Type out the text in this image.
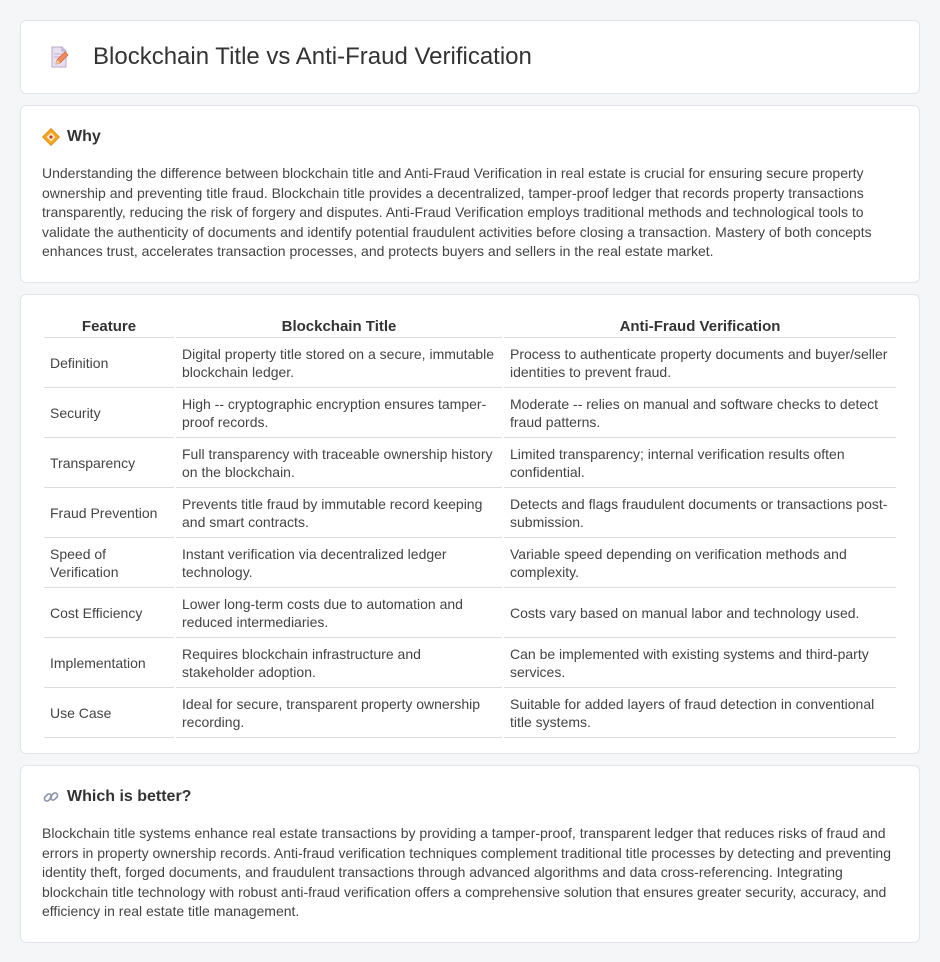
Blockchain Title vs Anti-Fraud Verification
Why

Understanding the difference between blockchain title and Anti-Fraud Verification in real estate is crucial for ensuring secure property ownership and preventing title fraud. Blockchain title provides a decentralized, tamper-proof ledger that records property transactions transparently, reducing the risk of forgery and disputes. Anti-Fraud Verification employs traditional methods and technological tools to validate the authenticity of documents and identify potential fraudulent activities before closing a transaction. Mastery of both concepts enhances trust, accelerates transaction processes, and protects buyers and sellers in the real estate market.

Feature	Blockchain Title	Anti-Fraud Verification
Definition	Digital property title stored on a secure, immutable blockchain ledger.	Process to authenticate property documents and buyer/seller identities to prevent fraud.
Security	High -- cryptographic encryption ensures tamper-proof records.	Moderate -- relies on manual and software checks to detect fraud patterns.
Transparency	Full transparency with traceable ownership history on the blockchain.	Limited transparency; internal verification results often confidential.
Fraud Prevention	Prevents title fraud by immutable record keeping and smart contracts.	Detects and flags fraudulent documents or transactions post-submission.
Speed of Verification	Instant verification via decentralized ledger technology.	Variable speed depending on verification methods and complexity.
Cost Efficiency	Lower long-term costs due to automation and reduced intermediaries.	Costs vary based on manual labor and technology used.
Implementation	Requires blockchain infrastructure and stakeholder adoption.	Can be implemented with existing systems and third-party services.
Use Case	Ideal for secure, transparent property ownership recording.	Suitable for added layers of fraud detection in conventional title systems.
Which is better?

Blockchain title systems enhance real estate transactions by providing a tamper-proof, transparent ledger that reduces risks of fraud and errors in property ownership records. Anti-fraud verification techniques complement traditional title processes by detecting and preventing identity theft, forged documents, and fraudulent transactions through advanced algorithms and data cross-referencing. Integrating blockchain title technology with robust anti-fraud verification offers a comprehensive solution that ensures greater security, accuracy, and efficiency in real estate title management.
